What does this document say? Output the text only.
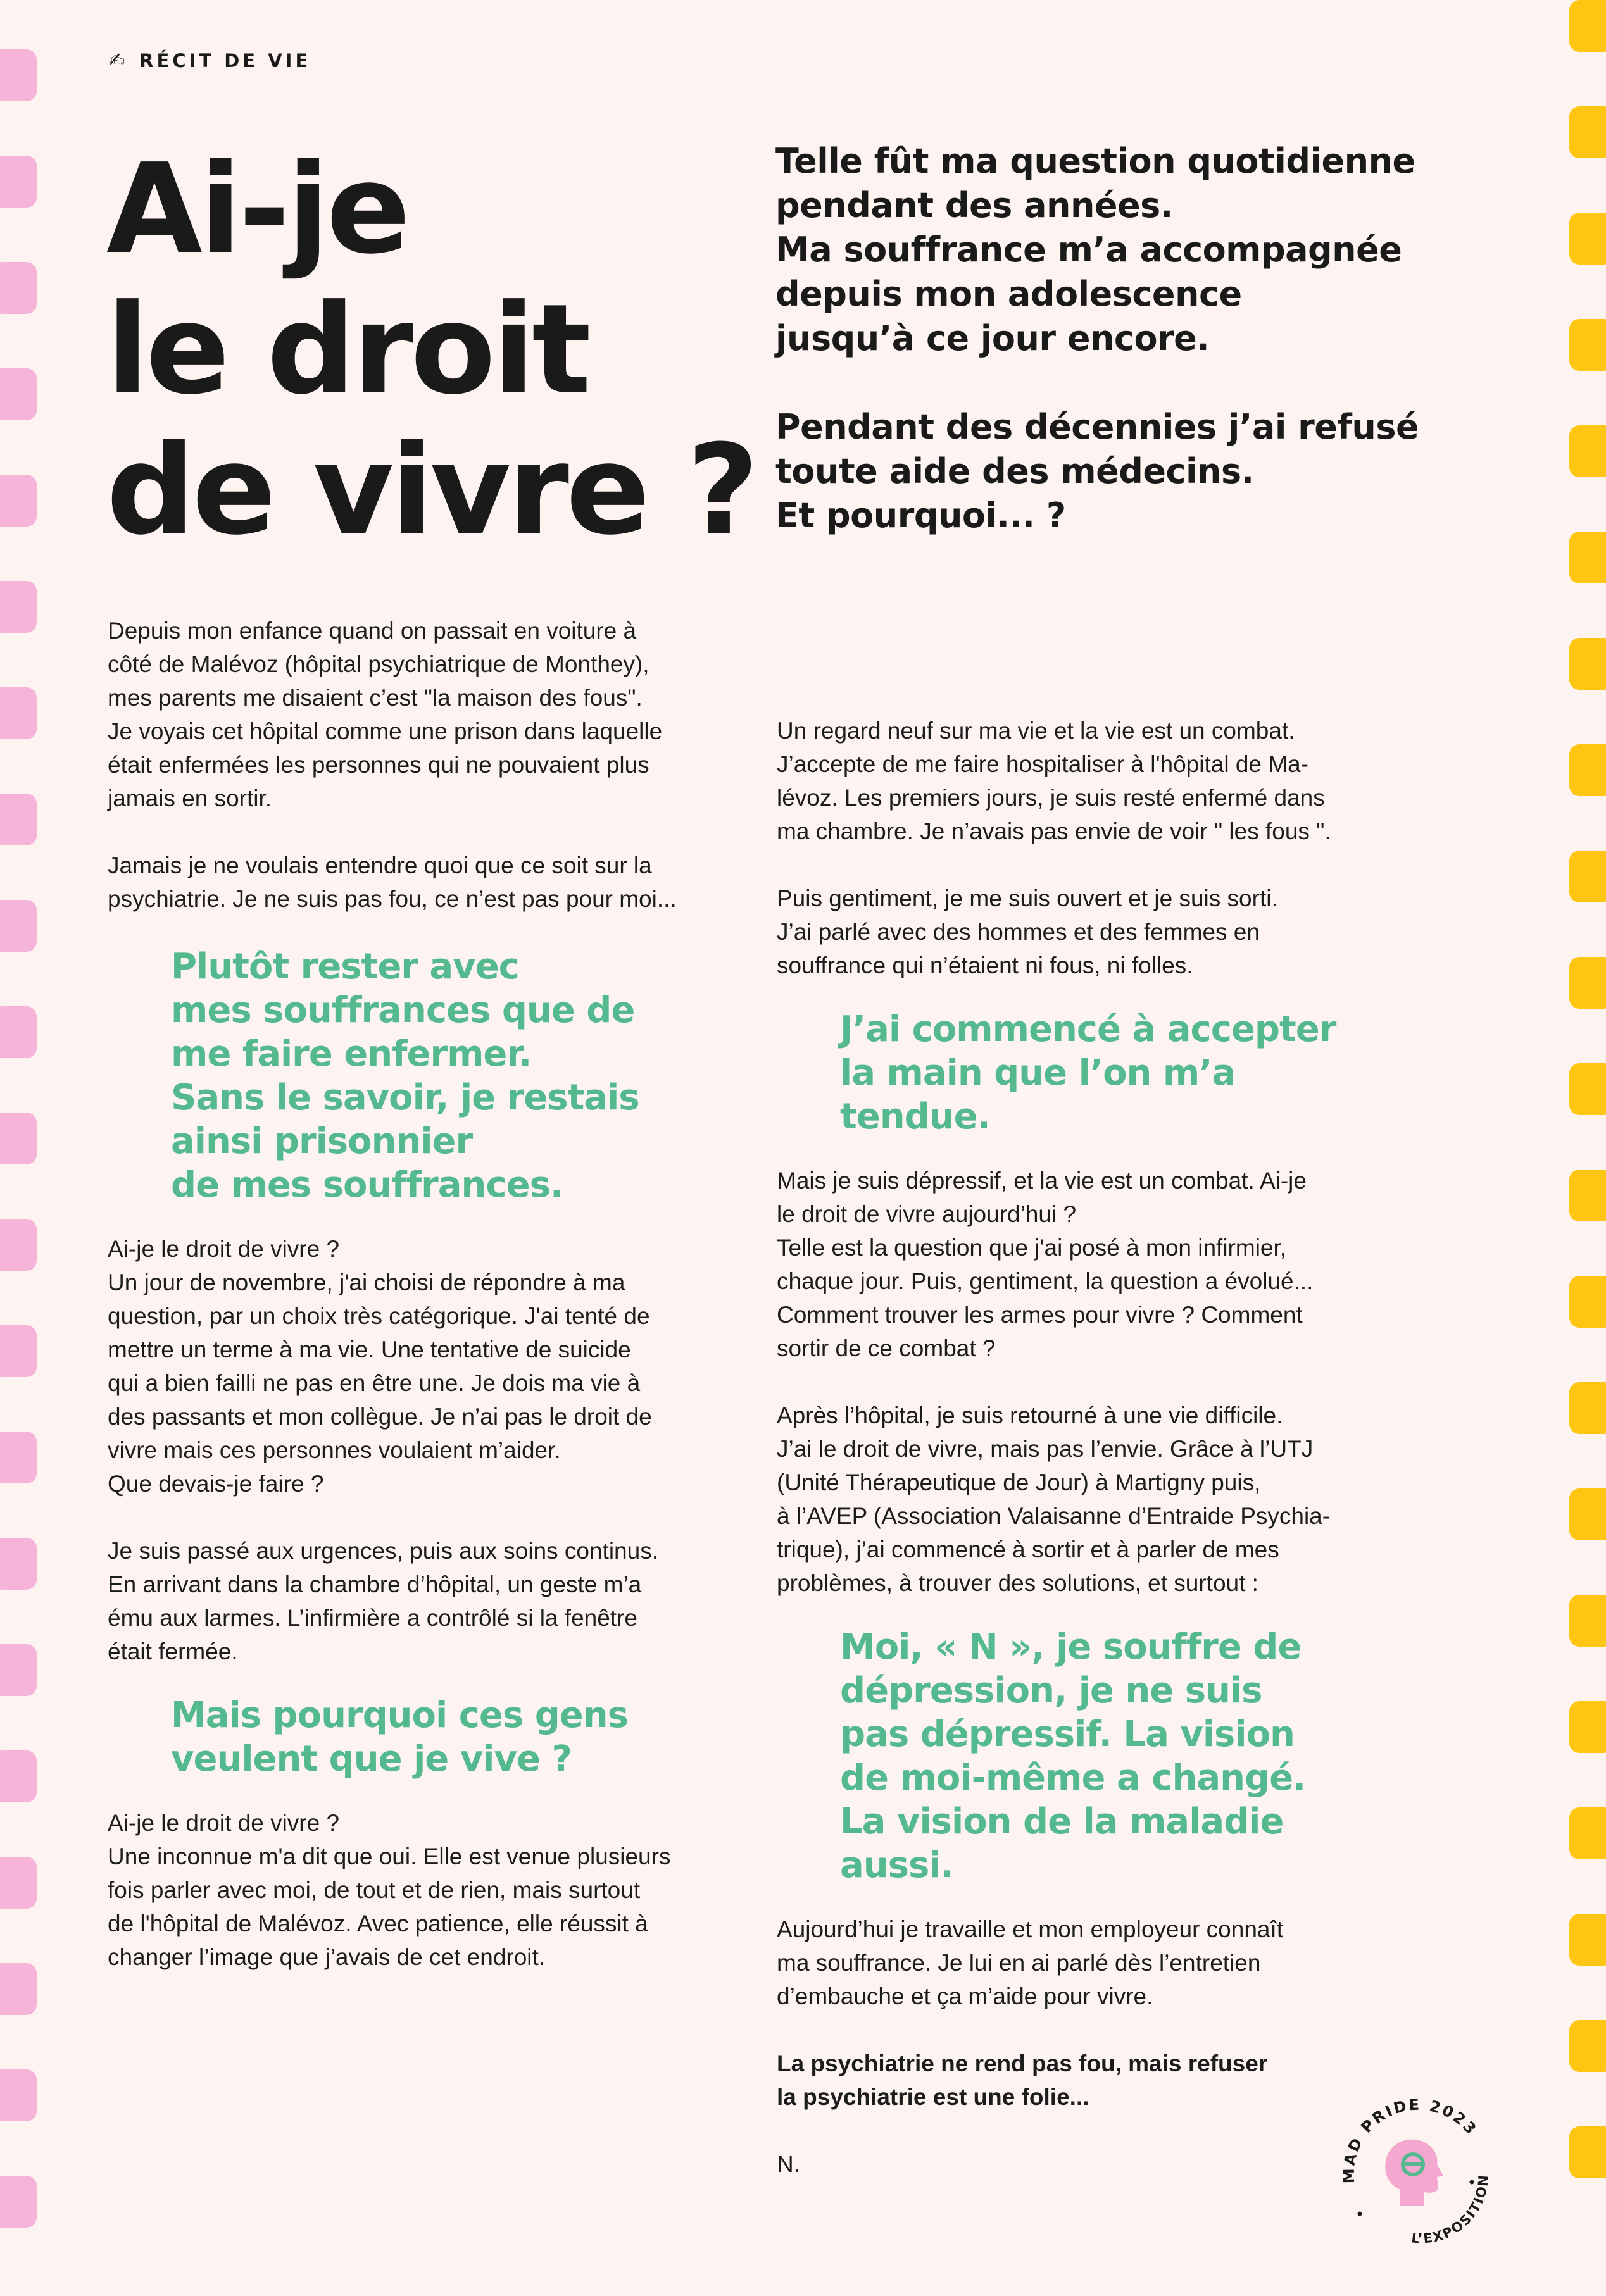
✍ RÉCIT DE VIE
Ai-je
le droit
de vivre ?

Telle fût ma question quotidienne
pendant des années.
Ma souffrance m’a accompagnée
depuis mon adolescence
jusqu’à ce jour encore.

Pendant des décennies j’ai refusé
toute aide des médecins.
Et pourquoi... ?

Depuis mon enfance quand on passait en voiture à
côté de Malévoz (hôpital psychiatrique de Monthey),
mes parents me disaient c’est "la maison des fous".
Je voyais cet hôpital comme une prison dans laquelle
était enfermées les personnes qui ne pouvaient plus
jamais en sortir.

Jamais je ne voulais entendre quoi que ce soit sur la
psychiatrie. Je ne suis pas fou, ce n’est pas pour moi...

Plutôt rester avec
mes souffrances que de
me faire enfermer.
Sans le savoir, je restais
ainsi prisonnier
de mes souffrances.

Ai-je le droit de vivre ?
Un jour de novembre, j'ai choisi de répondre à ma
question, par un choix très catégorique. J'ai tenté de
mettre un terme à ma vie. Une tentative de suicide
qui a bien failli ne pas en être une. Je dois ma vie à
des passants et mon collègue. Je n’ai pas le droit de
vivre mais ces personnes voulaient m’aider.
Que devais-je faire ?

Je suis passé aux urgences, puis aux soins continus.
En arrivant dans la chambre d’hôpital, un geste m’a
ému aux larmes. L’infirmière a contrôlé si la fenêtre
était fermée.

Mais pourquoi ces gens
veulent que je vive ?

Ai-je le droit de vivre ?
Une inconnue m'a dit que oui. Elle est venue plusieurs
fois parler avec moi, de tout et de rien, mais surtout
de l'hôpital de Malévoz. Avec patience, elle réussit à
changer l’image que j’avais de cet endroit.

Un regard neuf sur ma vie et la vie est un combat.
J’accepte de me faire hospitaliser à l'hôpital de Ma-
lévoz. Les premiers jours, je suis resté enfermé dans
ma chambre. Je n’avais pas envie de voir " les fous ".

Puis gentiment, je me suis ouvert et je suis sorti.
J’ai parlé avec des hommes et des femmes en
souffrance qui n’étaient ni fous, ni folles.

J’ai commencé à accepter
la main que l’on m’a tendue.

Mais je suis dépressif, et la vie est un combat. Ai-je
le droit de vivre aujourd’hui ?
Telle est la question que j'ai posé à mon infirmier,
chaque jour. Puis, gentiment, la question a évolué...
Comment trouver les armes pour vivre ? Comment
sortir de ce combat ?

Après l’hôpital, je suis retourné à une vie difficile.
J’ai le droit de vivre, mais pas l’envie. Grâce à l’UTJ
(Unité Thérapeutique de Jour) à Martigny puis,
à l’AVEP (Association Valaisanne d’Entraide Psychia-
trique), j’ai commencé à sortir et à parler de mes
problèmes, à trouver des solutions, et surtout :

Moi, « N », je souffre de
dépression, je ne suis
pas dépressif. La vision
de moi-même a changé.
La vision de la maladie
aussi.

Aujourd’hui je travaille et mon employeur connaît
ma souffrance. Je lui en ai parlé dès l’entretien
d’embauche et ça m’aide pour vivre.

La psychiatrie ne rend pas fou, mais refuser
la psychiatrie est une folie...

N.	MAD PRIDE 2023
L’EXPOSITION
